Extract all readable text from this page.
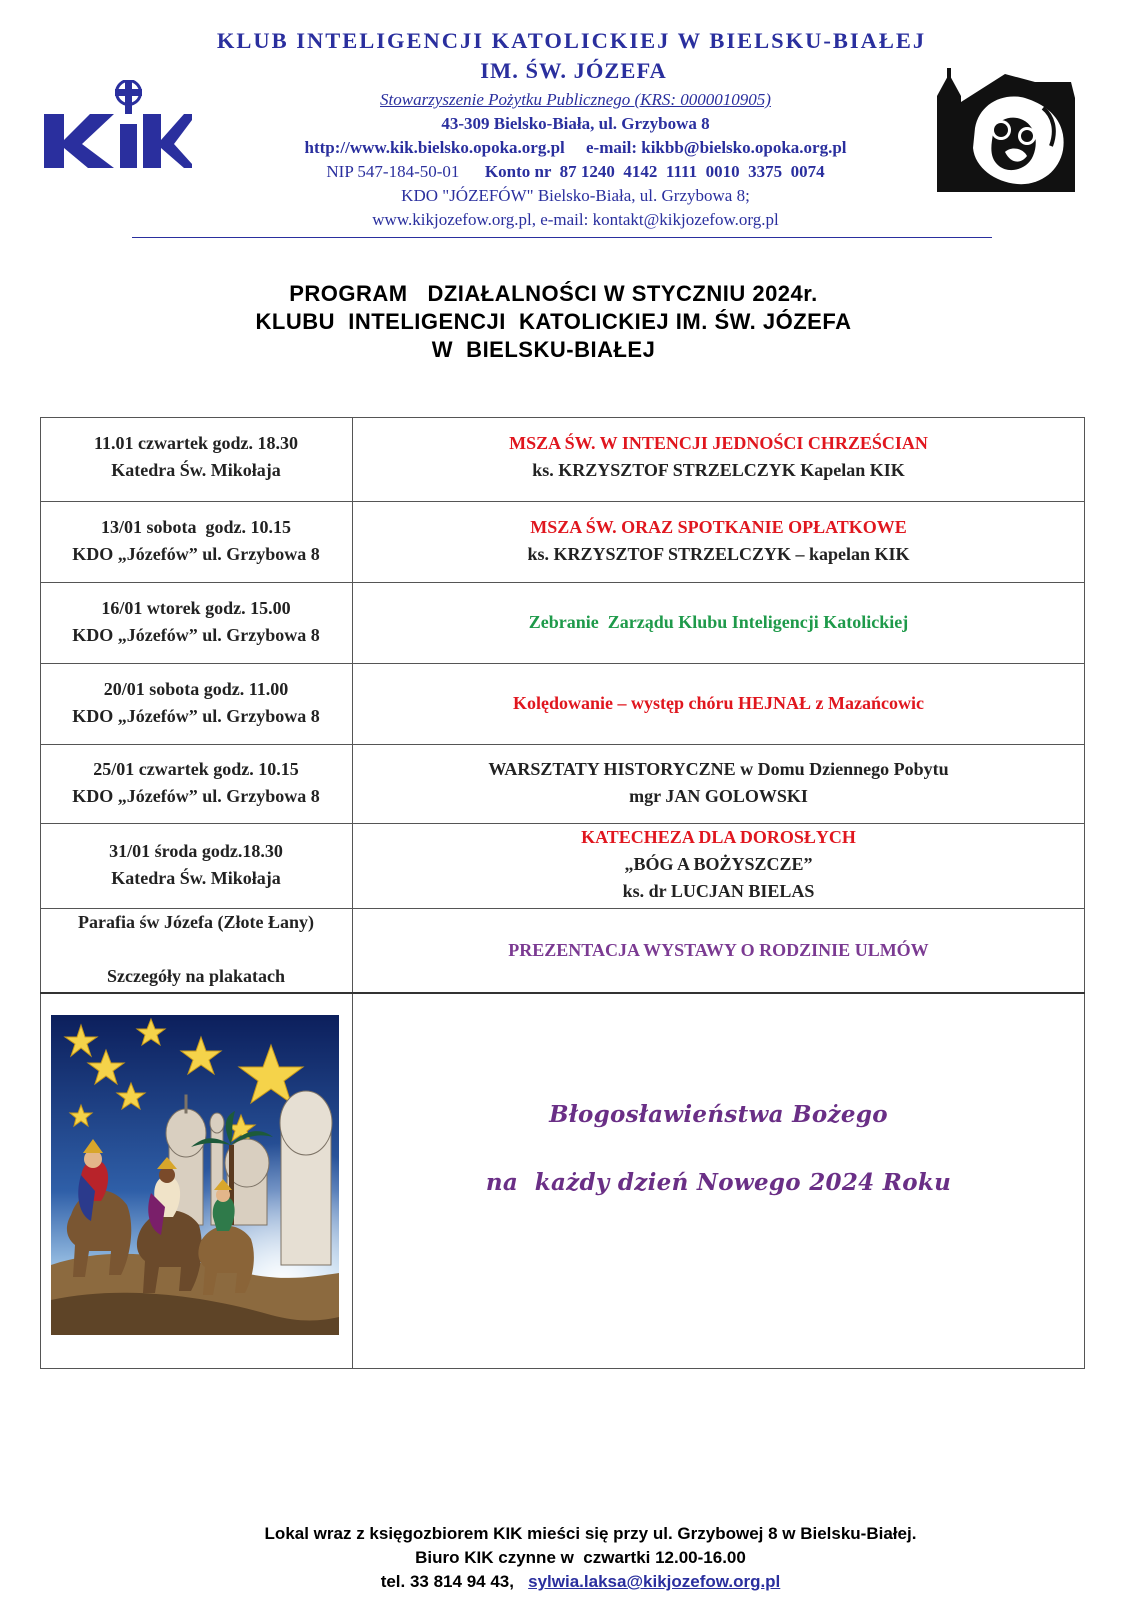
KLUB INTELIGENCJI KATOLICKIEJ W BIELSKU-BIAŁEJ
IM. ŚW. JÓZEFA
Stowarzyszenie Pożytku Publicznego (KRS: 0000010905)
43-309 Bielsko-Biała, ul. Grzybowa 8
http://www.kik.bielsko.opoka.org.pl e-mail: kikbb@bielsko.opoka.org.pl
NIP 547-184-50-01 Konto nr  87 1240  4142  1111  0010  3375  0074
KDO "JÓZEFÓW" Bielsko-Biała, ul. Grzybowa 8;
www.kikjozefow.org.pl, e-mail: kontakt@kikjozefow.org.pl
PROGRAM   DZIAŁALNOŚCI W STYCZNIU 2024r.
KLUBU  INTELIGENCJI  KATOLICKIEJ IM. ŚW. JÓZEFA
W  BIELSKU-BIAŁEJ
11.01 czwartek godz. 18.30
Katedra Św. Mikołaja
MSZA ŚW. W INTENCJI JEDNOŚCI CHRZEŚCIAN
ks. KRZYSZTOF STRZELCZYK Kapelan KIK
13/01 sobota  godz. 10.15
KDO „Józefów” ul. Grzybowa 8
MSZA ŚW. ORAZ SPOTKANIE OPŁATKOWE
ks. KRZYSZTOF STRZELCZYK – kapelan KIK
16/01 wtorek godz. 15.00
KDO „Józefów” ul. Grzybowa 8
Zebranie  Zarządu Klubu Inteligencji Katolickiej
20/01 sobota godz. 11.00
KDO „Józefów” ul. Grzybowa 8
Kolędowanie – występ chóru HEJNAŁ z Mazańcowic
25/01 czwartek godz. 10.15
KDO „Józefów” ul. Grzybowa 8
WARSZTATY HISTORYCZNE w Domu Dziennego Pobytu
mgr JAN GOLOWSKI
31/01 środa godz.18.30
Katedra Św. Mikołaja
KATECHEZA DLA DOROSŁYCH
„BÓG A BOŻYSZCZE”
ks. dr LUCJAN BIELAS
Parafia św Józefa (Złote Łany)
Szczegóły na plakatach
PREZENTACJA WYSTAWY O RODZINIE ULMÓW
Błogosławieństwa Bożego
na  każdy dzień Nowego 2024 Roku
Lokal wraz z księgozbiorem KIK mieści się przy ul. Grzybowej 8 w Bielsku-Białej.
Biuro KIK czynne w  czwartki 12.00-16.00
tel. 33 814 94 43, sylwia.laksa@kikjozefow.org.pl
